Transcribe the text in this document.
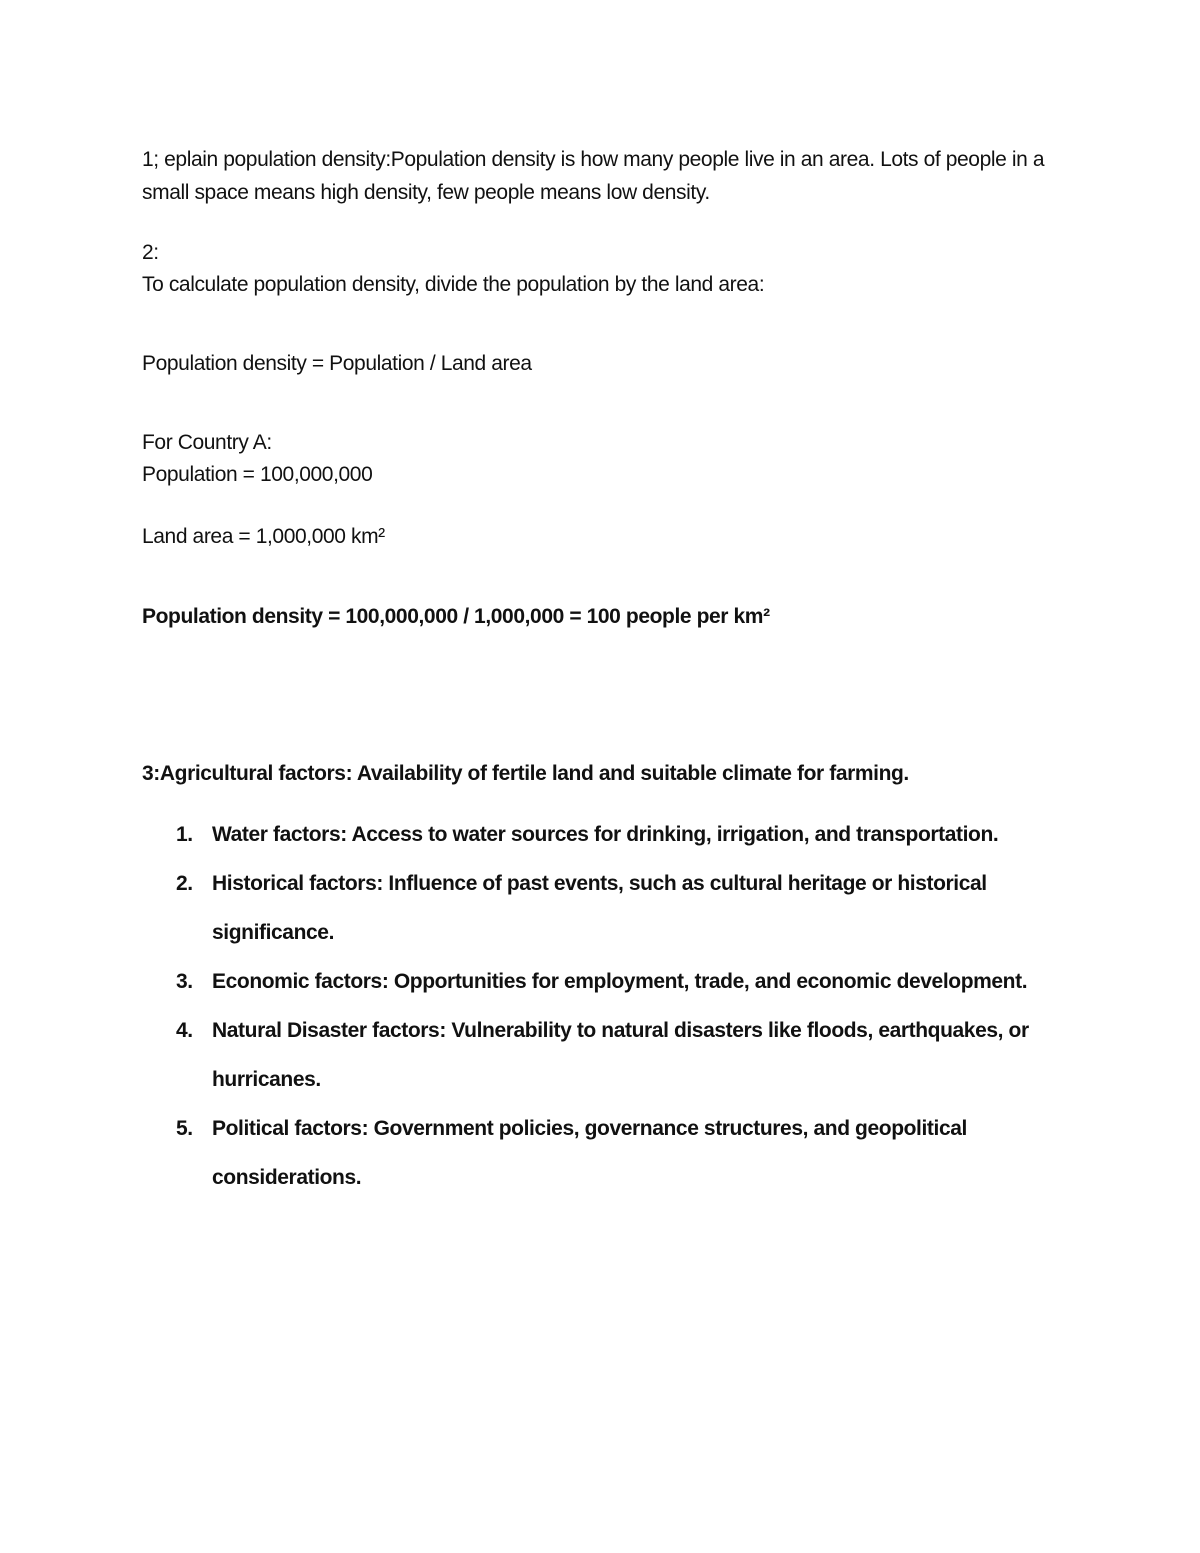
1; eplain population density:Population density is how many people live in an area. Lots of people in a small space means high density, few people means low density.
2:
To calculate population density, divide the population by the land area:
Population density = Population / Land area
For Country A:
Population = 100,000,000
Land area = 1,000,000 km²
Population density = 100,000,000 / 1,000,000 = 100 people per km²
3:Agricultural factors: Availability of fertile land and suitable climate for farming.
1. Water factors: Access to water sources for drinking, irrigation, and transportation.
2. Historical factors: Influence of past events, such as cultural heritage or historical significance.
3. Economic factors: Opportunities for employment, trade, and economic development.
4. Natural Disaster factors: Vulnerability to natural disasters like floods, earthquakes, or hurricanes.
5. Political factors: Government policies, governance structures, and geopolitical considerations.
